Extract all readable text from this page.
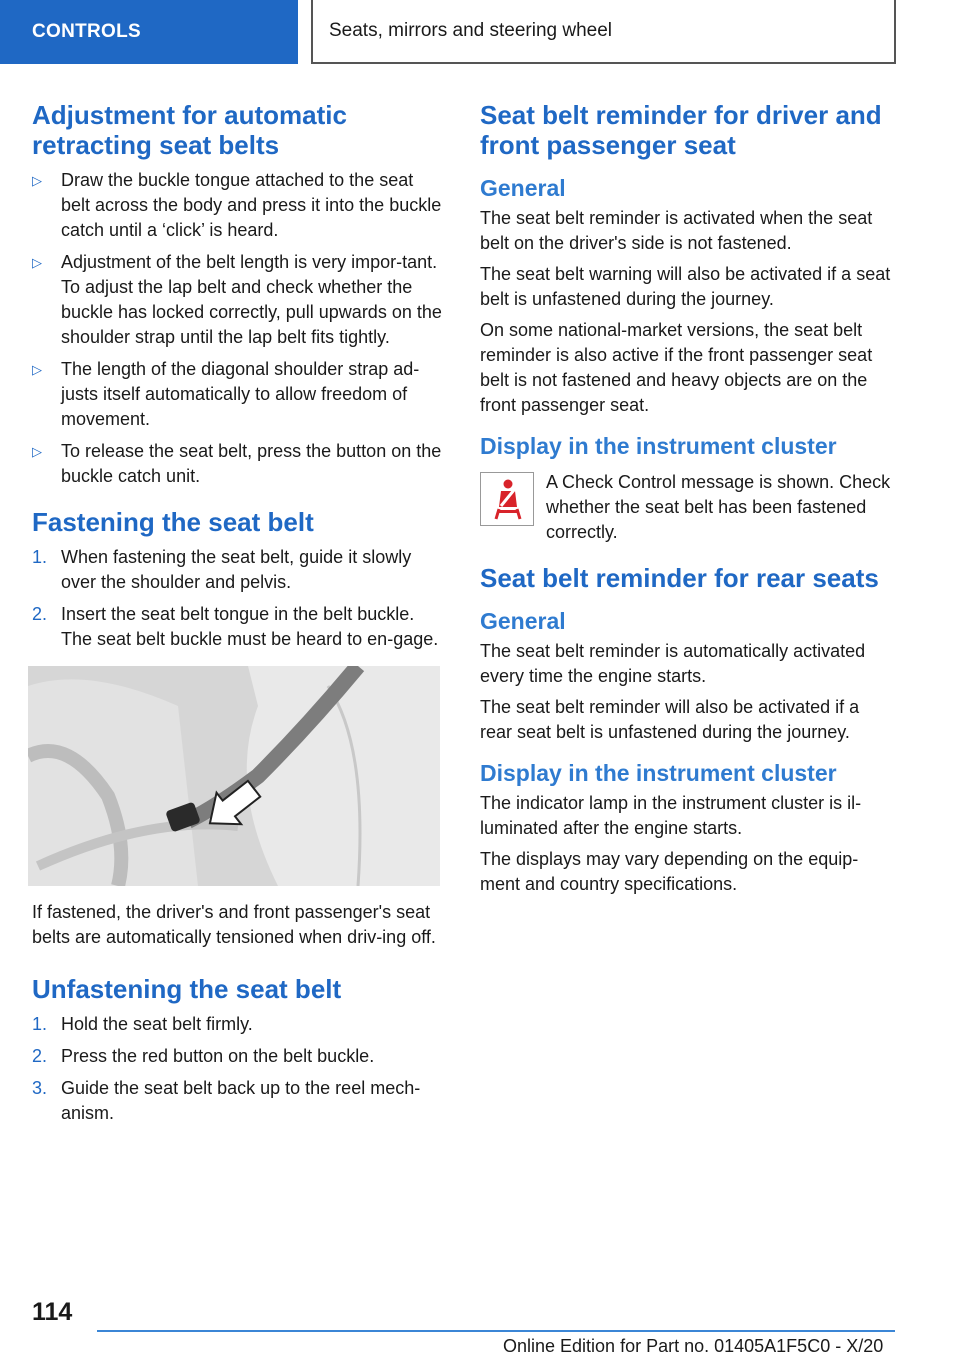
CONTROLS	Seats, mirrors and steering wheel
Adjustment for automatic retracting seat belts
▷ Draw the buckle tongue attached to the seat belt across the body and press it into the buckle catch until a ‘click’ is heard.
▷ Adjustment of the belt length is very impor-tant. To adjust the lap belt and check whether the buckle has locked correctly, pull upwards on the shoulder strap until the lap belt fits tightly.
▷ The length of the diagonal shoulder strap ad-justs itself automatically to allow freedom of movement.
▷ To release the seat belt, press the button on the buckle catch unit.
Fastening the seat belt
1. When fastening the seat belt, guide it slowly over the shoulder and pelvis.
2. Insert the seat belt tongue in the belt buckle. The seat belt buckle must be heard to en-gage.

If fastened, the driver's and front passenger's seat belts are automatically tensioned when driv-ing off.

Unfastening the seat belt
1. Hold the seat belt firmly.
2. Press the red button on the belt buckle.
3. Guide the seat belt back up to the reel mech-anism.
Seat belt reminder for driver and front passenger seat
General

The seat belt reminder is activated when the seat belt on the driver's side is not fastened.

The seat belt warning will also be activated if a seat belt is unfastened during the journey.

On some national-market versions, the seat belt reminder is also active if the front passenger seat belt is not fastened and heavy objects are on the front passenger seat.

Display in the instrument cluster

A Check Control message is shown. Check whether the seat belt has been fastened correctly.

Seat belt reminder for rear seats
General

The seat belt reminder is automatically activated every time the engine starts.

The seat belt reminder will also be activated if a rear seat belt is unfastened during the journey.

Display in the instrument cluster

The indicator lamp in the instrument cluster is il-luminated after the engine starts.

The displays may vary depending on the equip-ment and country specifications.

114
Online Edition for Part no. 01405A1F5C0 - X/20
